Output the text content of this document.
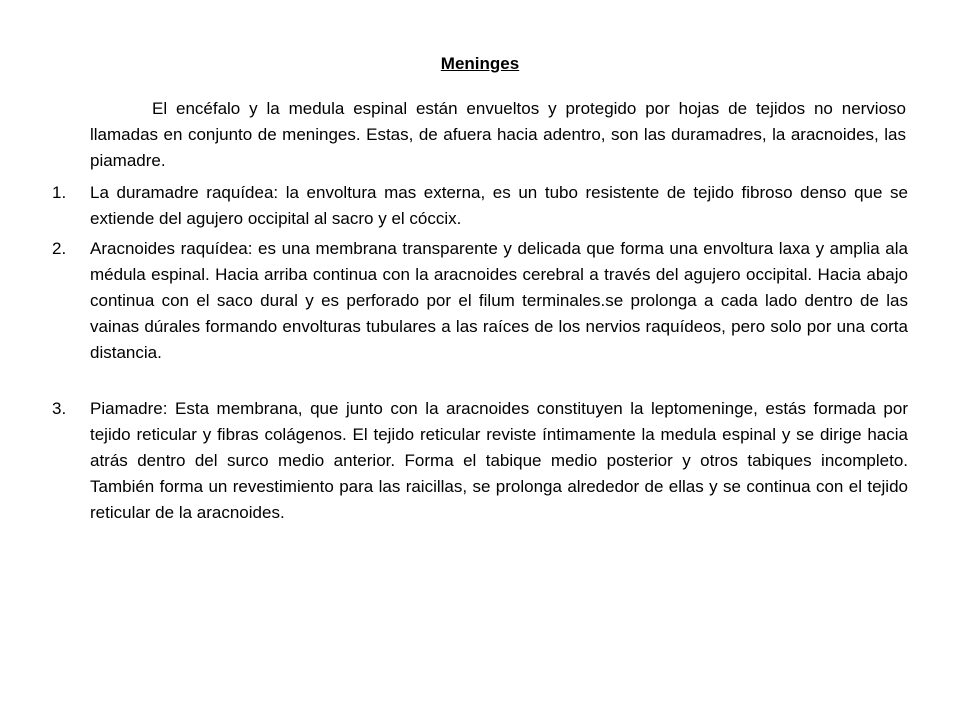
Meninges

El encéfalo y la medula espinal están envueltos y protegido por hojas de tejidos no nervioso llamadas en conjunto de meninges. Estas, de afuera hacia adentro, son las duramadres, la aracnoides, las piamadre.

1.	La duramadre raquídea: la envoltura mas externa, es un tubo resistente de tejido fibroso denso que se extiende del agujero occipital al sacro y el cóccix.
2.	Aracnoides raquídea: es una membrana transparente y delicada que forma una envoltura laxa y amplia ala médula espinal. Hacia arriba continua con la aracnoides cerebral a través del agujero occipital. Hacia abajo continua con el saco dural y es perforado por el filum terminales.se prolonga a cada lado dentro de las vainas dúrales formando envolturas tubulares a las raíces de los nervios raquídeos, pero solo por una corta distancia.
3.	Piamadre: Esta membrana, que junto con la aracnoides constituyen la leptomeninge, estás formada por tejido reticular y fibras colágenos. El tejido reticular reviste íntimamente la medula espinal y se dirige hacia atrás dentro del surco medio anterior. Forma el tabique medio posterior y otros tabiques incompleto. También forma un revestimiento para las raicillas, se prolonga alrededor de ellas y se continua con el tejido reticular de la aracnoides.
